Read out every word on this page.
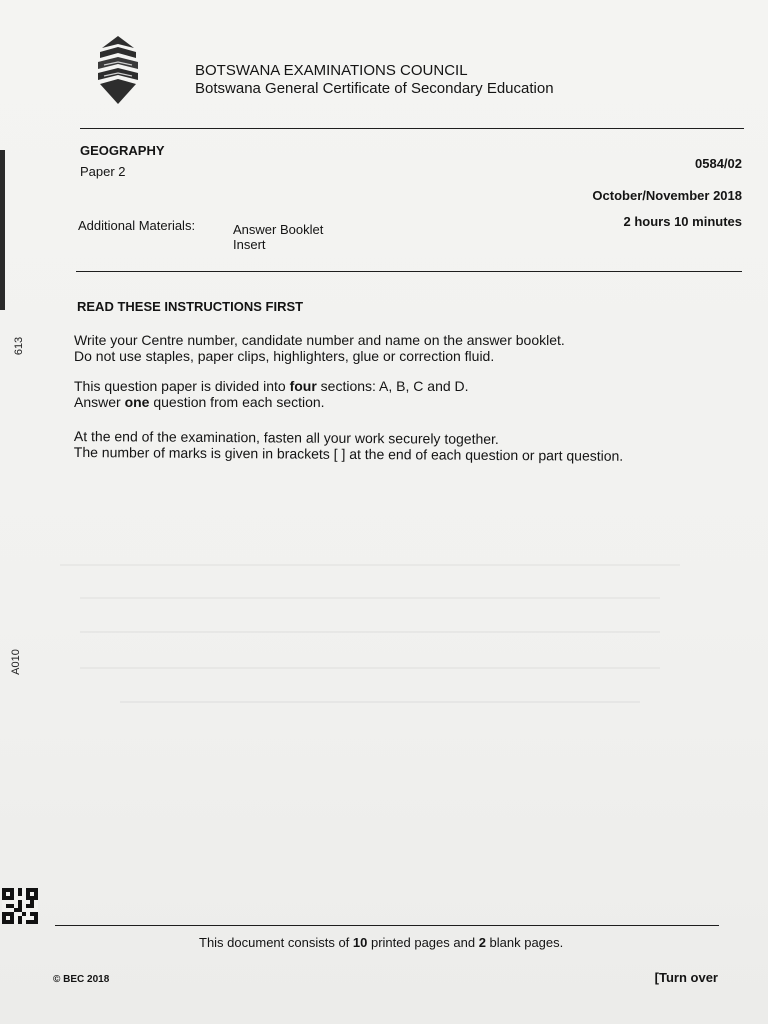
BOTSWANA EXAMINATIONS COUNCIL
Botswana General Certificate of Secondary Education
GEOGRAPHY
Paper 2
0584/02
October/November 2018
2 hours 10 minutes
Additional Materials:	Answer Booklet
Insert
READ THESE INSTRUCTIONS FIRST
Write your Centre number, candidate number and name on the answer booklet.
Do not use staples, paper clips, highlighters, glue or correction fluid.
This question paper is divided into four sections: A, B, C and D.
Answer one question from each section.
At the end of the examination, fasten all your work securely together.
The number of marks is given in brackets [ ] at the end of each question or part question.
613
A010
This document consists of 10 printed pages and 2 blank pages.
© BEC 2018	[Turn over
